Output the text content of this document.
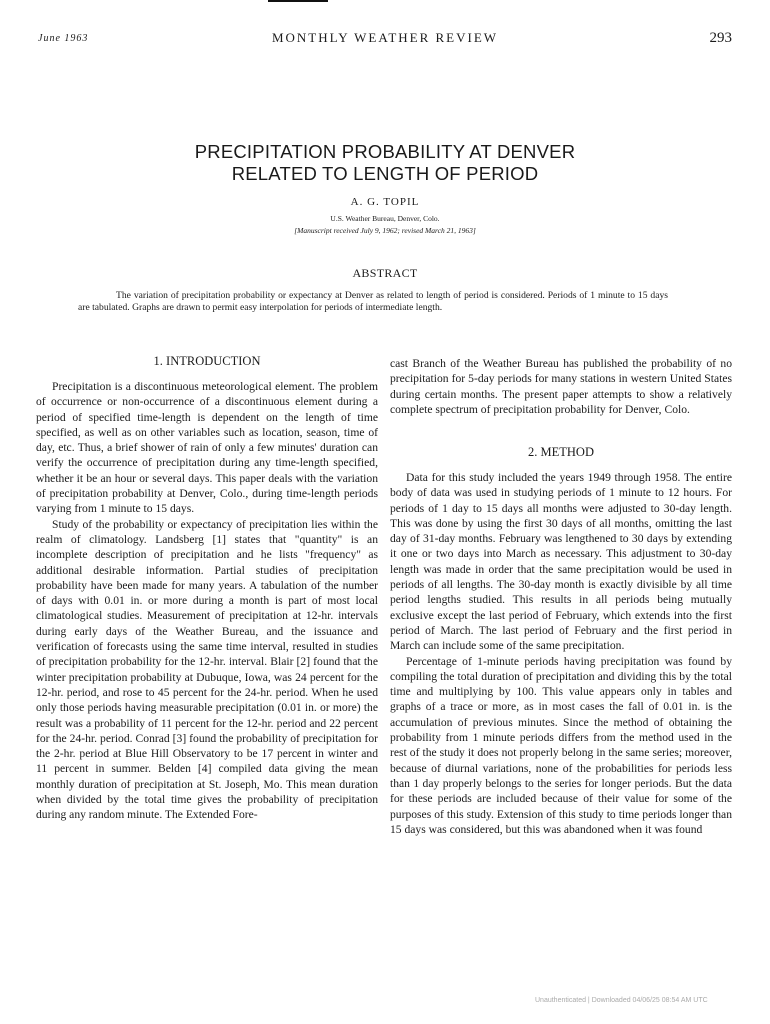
June 1963	MONTHLY WEATHER REVIEW	293
PRECIPITATION PROBABILITY AT DENVER
RELATED TO LENGTH OF PERIOD
A. G. TOPIL
U.S. Weather Bureau, Denver, Colo.
[Manuscript received July 9, 1962; revised March 21, 1963]
ABSTRACT

The variation of precipitation probability or expectancy at Denver as related to length of period is considered. Periods of 1 minute to 15 days are tabulated. Graphs are drawn to permit easy interpolation for periods of intermediate length.

1. INTRODUCTION

Precipitation is a discontinuous meteorological element. The problem of occurrence or non-occurrence of a discontinuous element during a period of specified time-length is dependent on the length of time specified, as well as on other variables such as location, season, time of day, etc. Thus, a brief shower of rain of only a few minutes' duration can verify the occurrence of precipitation during any time-length specified, whether it be an hour or several days. This paper deals with the variation of precipitation probability at Denver, Colo., during time-length periods varying from 1 minute to 15 days.

Study of the probability or expectancy of precipitation lies within the realm of climatology. Landsberg [1] states that "quantity" is an incomplete description of precipitation and he lists "frequency" as additional desirable information. Partial studies of precipitation probability have been made for many years. A tabulation of the number of days with 0.01 in. or more during a month is part of most local climatological studies. Measurement of precipitation at 12-hr. intervals during early days of the Weather Bureau, and the issuance and verification of forecasts using the same time interval, resulted in studies of precipitation probability for the 12-hr. interval. Blair [2] found that the winter precipitation probability at Dubuque, Iowa, was 24 percent for the 12-hr. period, and rose to 45 percent for the 24-hr. period. When he used only those periods having measurable precipitation (0.01 in. or more) the result was a probability of 11 percent for the 12-hr. period and 22 percent for the 24-hr. period. Conrad [3] found the probability of precipitation for the 2-hr. period at Blue Hill Observatory to be 17 percent in winter and 11 percent in summer. Belden [4] compiled data giving the mean monthly duration of precipitation at St. Joseph, Mo. This mean duration when divided by the total time gives the probability of precipitation during any random minute. The Extended Fore-

cast Branch of the Weather Bureau has published the probability of no precipitation for 5-day periods for many stations in western United States during certain months. The present paper attempts to show a relatively complete spectrum of precipitation probability for Denver, Colo.

2. METHOD

Data for this study included the years 1949 through 1958. The entire body of data was used in studying periods of 1 minute to 12 hours. For periods of 1 day to 15 days all months were adjusted to 30-day length. This was done by using the first 30 days of all months, omitting the last day of 31-day months. February was lengthened to 30 days by extending it one or two days into March as necessary. This adjustment to 30-day length was made in order that the same precipitation would be used in periods of all lengths. The 30-day month is exactly divisible by all time period lengths studied. This results in all periods being mutually exclusive except the last period of February, which extends into the first period of March. The last period of February and the first period in March can include some of the same precipitation.

Percentage of 1-minute periods having precipitation was found by compiling the total duration of precipitation and dividing this by the total time and multiplying by 100. This value appears only in tables and graphs of a trace or more, as in most cases the fall of 0.01 in. is the accumulation of previous minutes. Since the method of obtaining the probability from 1 minute periods differs from the method used in the rest of the study it does not properly belong in the same series; moreover, because of diurnal variations, none of the probabilities for periods less than 1 day properly belongs to the series for longer periods. But the data for these periods are included because of their value for some of the purposes of this study. Extension of this study to time periods longer than 15 days was considered, but this was abandoned when it was found

Unauthenticated | Downloaded 04/06/25 08:54 AM UTC
